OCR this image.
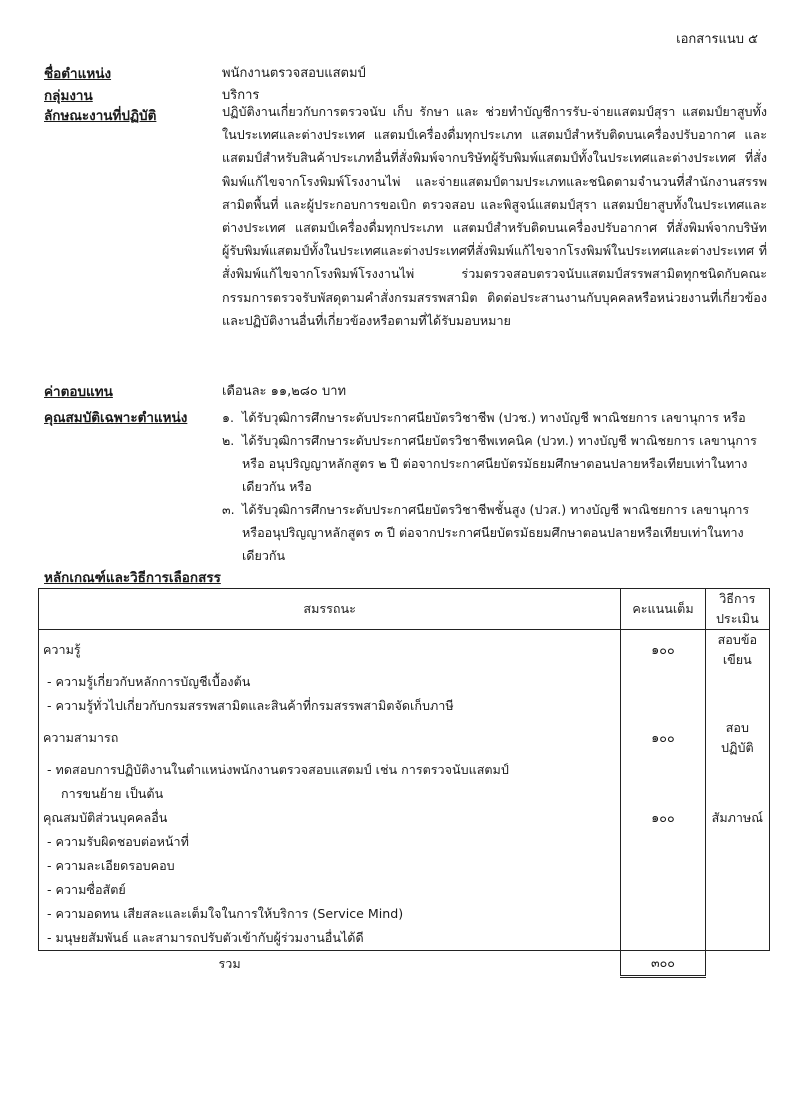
เอกสารแนบ ๕
ชื่อตำแหน่ง	พนักงานตรวจสอบแสตมป์
กลุ่มงาน	บริการ
ลักษณะงานที่ปฏิบัติ	ปฏิบัติงานเกี่ยวกับการตรวจนับ เก็บ รักษา และ ช่วยทำบัญชีการรับ-จ่ายแสตมป์สุรา แสตมป์ยาสูบทั้งในประเทศและต่างประเทศ แสตมป์เครื่องดื่มทุกประเภท แสตมป์สำหรับติดบนเครื่องปรับอากาศ และแสตมป์สำหรับสินค้าประเภทอื่นที่สั่งพิมพ์จากบริษัทผู้รับพิมพ์แสตมป์ทั้งในประเทศและต่างประเทศ ที่สั่งพิมพ์แก้ไขจากโรงพิมพ์โรงงานไพ่ และจ่ายแสตมป์ตามประเภทและชนิดตามจำนวนที่สำนักงานสรรพสามิตพื้นที่ และผู้ประกอบการขอเบิก ตรวจสอบ และพิสูจน์แสตมป์สุรา แสตมป์ยาสูบทั้งในประเทศและต่างประเทศ แสตมป์เครื่องดื่มทุกประเภท แสตมป์สำหรับติดบนเครื่องปรับอากาศ ที่สั่งพิมพ์จากบริษัทผู้รับพิมพ์แสตมป์ทั้งในประเทศและต่างประเทศที่สั่งพิมพ์แก้ไขจากโรงพิมพ์ในประเทศและต่างประเทศ ที่สั่งพิมพ์แก้ไขจากโรงพิมพ์โรงงานไพ่ ร่วมตรวจสอบตรวจนับแสตมป์สรรพสามิตทุกชนิดกับคณะกรรมการตรวจรับพัสดุตามคำสั่งกรมสรรพสามิต ติดต่อประสานงานกับบุคคลหรือหน่วยงานที่เกี่ยวข้อง และปฏิบัติงานอื่นที่เกี่ยวข้องหรือตามที่ได้รับมอบหมาย
ค่าตอบแทน	เดือนละ ๑๑,๒๘๐ บาท
คุณสมบัติเฉพาะตำแหน่ง	๑. ได้รับวุฒิการศึกษาระดับประกาศนียบัตรวิชาชีพ (ปวช.) ทางบัญชี พาณิชยการ เลขานุการ หรือ
๒. ได้รับวุฒิการศึกษาระดับประกาศนียบัตรวิชาชีพเทคนิค (ปวท.) ทางบัญชี พาณิชยการ เลขานุการ หรือ อนุปริญญาหลักสูตร ๒ ปี ต่อจากประกาศนียบัตรมัธยมศึกษาตอนปลายหรือเทียบเท่าในทางเดียวกัน หรือ
๓. ได้รับวุฒิการศึกษาระดับประกาศนียบัตรวิชาชีพชั้นสูง (ปวส.) ทางบัญชี พาณิชยการ เลขานุการ หรืออนุปริญญาหลักสูตร ๓ ปี ต่อจากประกาศนียบัตรมัธยมศึกษาตอนปลายหรือเทียบเท่าในทางเดียวกัน
หลักเกณฑ์และวิธีการเลือกสรร
สมรรถนะ	คะแนนเต็ม	วิธีการประเมิน
ความรู้	๑๐๐	สอบข้อเขียน
- ความรู้เกี่ยวกับหลักการบัญชีเบื้องต้น		
- ความรู้ทั่วไปเกี่ยวกับกรมสรรพสามิตและสินค้าที่กรมสรรพสามิตจัดเก็บภาษี		
ความสามารถ	๑๐๐	สอบปฏิบัติ
- ทดสอบการปฏิบัติงานในตำแหน่งพนักงานตรวจสอบแสตมป์ เช่น การตรวจนับแสตมป์		
การขนย้าย เป็นต้น		
คุณสมบัติส่วนบุคคลอื่น	๑๐๐	สัมภาษณ์
- ความรับผิดชอบต่อหน้าที่		
- ความละเอียดรอบคอบ		
- ความซื่อสัตย์		
- ความอดทน เสียสละและเต็มใจในการให้บริการ (Service Mind)		
- มนุษยสัมพันธ์ และสามารถปรับตัวเข้ากับผู้ร่วมงานอื่นได้ดี		
รวม	๓๐๐	
